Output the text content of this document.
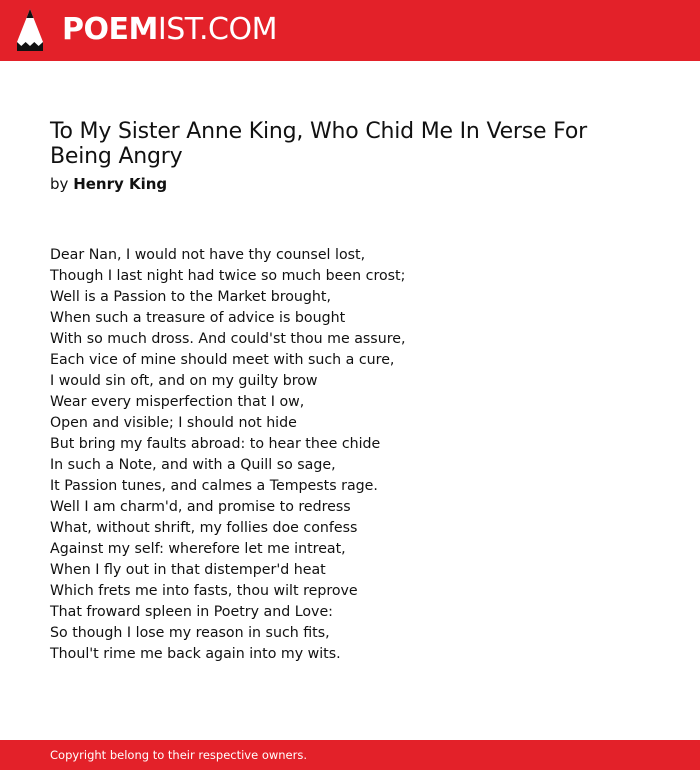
POEMIST.COM
To My Sister Anne King, Who Chid Me In Verse For Being Angry
by Henry King
Dear Nan, I would not have thy counsel lost,
Though I last night had twice so much been crost;
Well is a Passion to the Market brought,
When such a treasure of advice is bought
With so much dross. And could'st thou me assure,
Each vice of mine should meet with such a cure,
I would sin oft, and on my guilty brow
Wear every misperfection that I ow,
Open and visible; I should not hide
But bring my faults abroad: to hear thee chide
In such a Note, and with a Quill so sage,
It Passion tunes, and calmes a Tempests rage.
Well I am charm'd, and promise to redress
What, without shrift, my follies doe confess
Against my self: wherefore let me intreat,
When I fly out in that distemper'd heat
Which frets me into fasts, thou wilt reprove
That froward spleen in Poetry and Love:
So though I lose my reason in such fits,
Thoul't rime me back again into my wits.
Copyright belong to their respective owners.
